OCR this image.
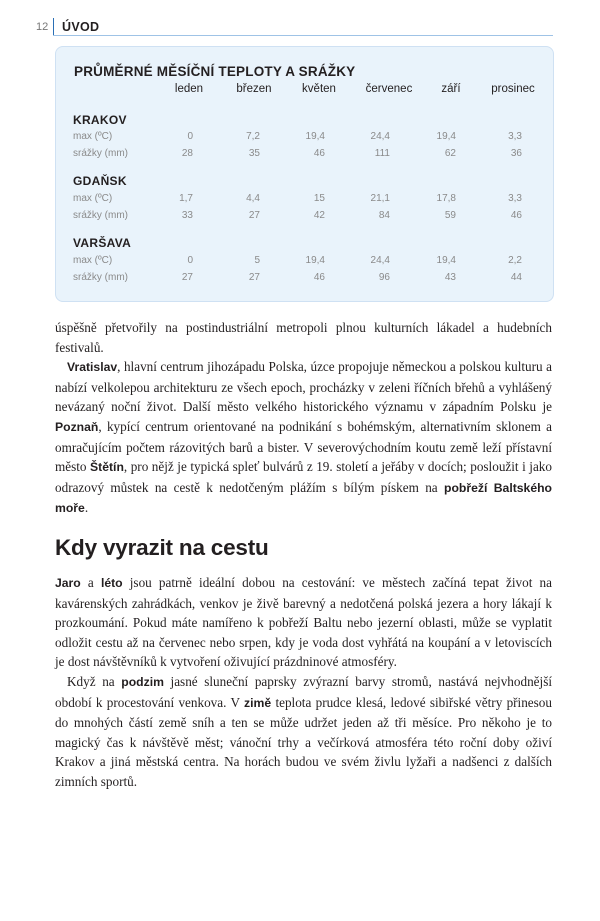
12 ÚVOD
PRŮMĚRNÉ MĚSÍČNÍ TEPLOTY A SRÁŽKY
leden	březen	květen	červenec	září	prosinec
KRAKOV
max (ºC)	0	7,2	19,4	24,4	19,4	3,3
srážky (mm)	28	35	46	111	62	36
GDAŇSK
max (ºC)	1,7	4,4	15	21,1	17,8	3,3
srážky (mm)	33	27	42	84	59	46
VARŠAVA
max (ºC)	0	5	19,4	24,4	19,4	2,2
srážky (mm)	27	27	46	96	43	44

úspěšně přetvořily na postindustriální metropoli plnou kulturních lákadel a hudebních festivalů.

Vratislav, hlavní centrum jihozápadu Polska, úzce propojuje německou a polskou kulturu a nabízí velkolepou architekturu ze všech epoch, procházky v zeleni říčních břehů a vyhlášený nevázaný noční život. Další město velkého historického významu v západním Polsku je Poznaň, kypící centrum orientované na podnikání s bohémským, alternativním sklonem a omračujícím počtem rázovitých barů a bister. V severovýchodním koutu země leží přístavní město Štětín, pro nějž je typická spleť bulvárů z 19. století a jeřáby v docích; posloužit i jako odrazový můstek na cestě k nedotčeným plážím s bílým pískem na pobřeží Baltského moře.

Kdy vyrazit na cestu

Jaro a léto jsou patrně ideální dobou na cestování: ve městech začíná tepat život na kavárenských zahrádkách, venkov je živě barevný a nedotčená polská jezera a hory lákají k prozkoumání. Pokud máte namířeno k pobřeží Baltu nebo jezerní oblasti, může se vyplatit odložit cestu až na červenec nebo srpen, kdy je voda dost vyhřátá na koupání a v letoviscích je dost návštěvníků k vytvoření oživující prázdninové atmosféry.

Když na podzim jasné sluneční paprsky zvýrazní barvy stromů, nastává nejvhodnější období k procestování venkova. V zimě teplota prudce klesá, ledové sibiřské větry přinesou do mnohých částí země sníh a ten se může udržet jeden až tři měsíce. Pro někoho je to magický čas k návštěvě měst; vánoční trhy a večírková atmosféra této roční doby oživí Krakov a jiná městská centra. Na horách budou ve svém živlu lyžaři a nadšenci z dalších zimních sportů.
